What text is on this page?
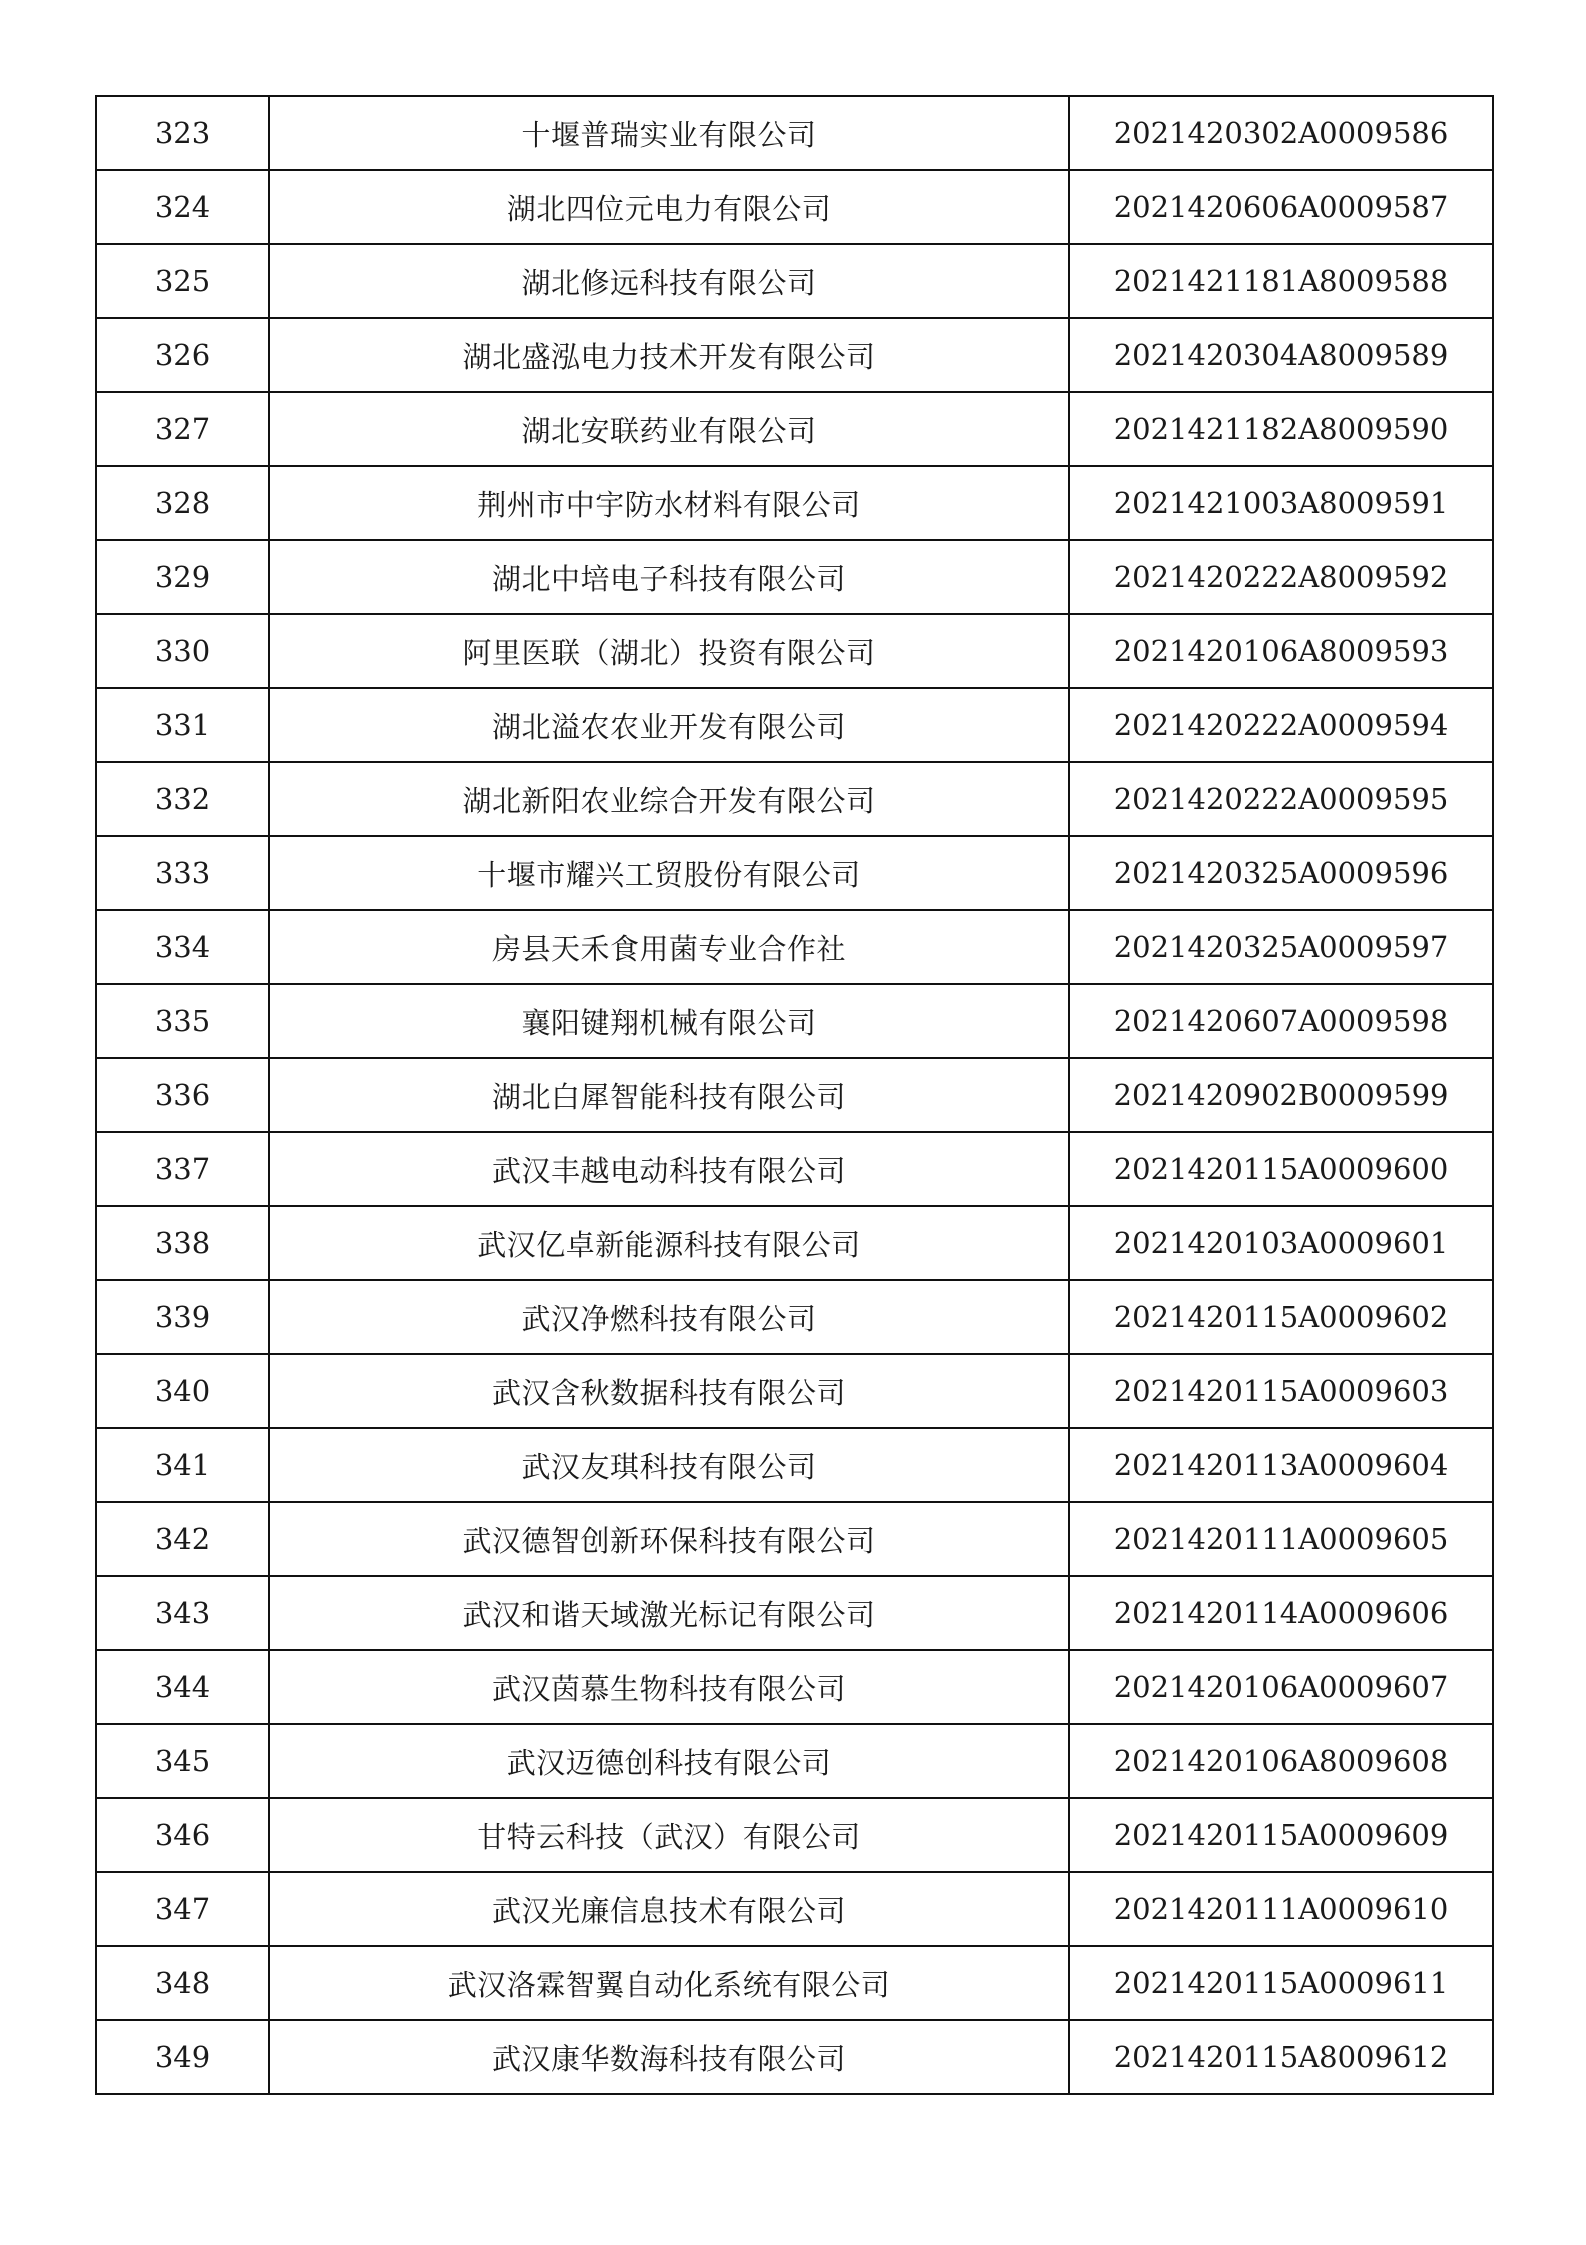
323	十堰普瑞实业有限公司	2021420302A0009586
324	湖北四位元电力有限公司	2021420606A0009587
325	湖北修远科技有限公司	2021421181A8009588
326	湖北盛泓电力技术开发有限公司	2021420304A8009589
327	湖北安联药业有限公司	2021421182A8009590
328	荆州市中宇防水材料有限公司	2021421003A8009591
329	湖北中培电子科技有限公司	2021420222A8009592
330	阿里医联（湖北）投资有限公司	2021420106A8009593
331	湖北溢农农业开发有限公司	2021420222A0009594
332	湖北新阳农业综合开发有限公司	2021420222A0009595
333	十堰市耀兴工贸股份有限公司	2021420325A0009596
334	房县天禾食用菌专业合作社	2021420325A0009597
335	襄阳键翔机械有限公司	2021420607A0009598
336	湖北白犀智能科技有限公司	2021420902B0009599
337	武汉丰越电动科技有限公司	2021420115A0009600
338	武汉亿卓新能源科技有限公司	2021420103A0009601
339	武汉净燃科技有限公司	2021420115A0009602
340	武汉含秋数据科技有限公司	2021420115A0009603
341	武汉友琪科技有限公司	2021420113A0009604
342	武汉德智创新环保科技有限公司	2021420111A0009605
343	武汉和谐天域激光标记有限公司	2021420114A0009606
344	武汉茵慕生物科技有限公司	2021420106A0009607
345	武汉迈德创科技有限公司	2021420106A8009608
346	甘特云科技（武汉）有限公司	2021420115A0009609
347	武汉光廉信息技术有限公司	2021420111A0009610
348	武汉洛霖智翼自动化系统有限公司	2021420115A0009611
349	武汉康华数海科技有限公司	2021420115A8009612
